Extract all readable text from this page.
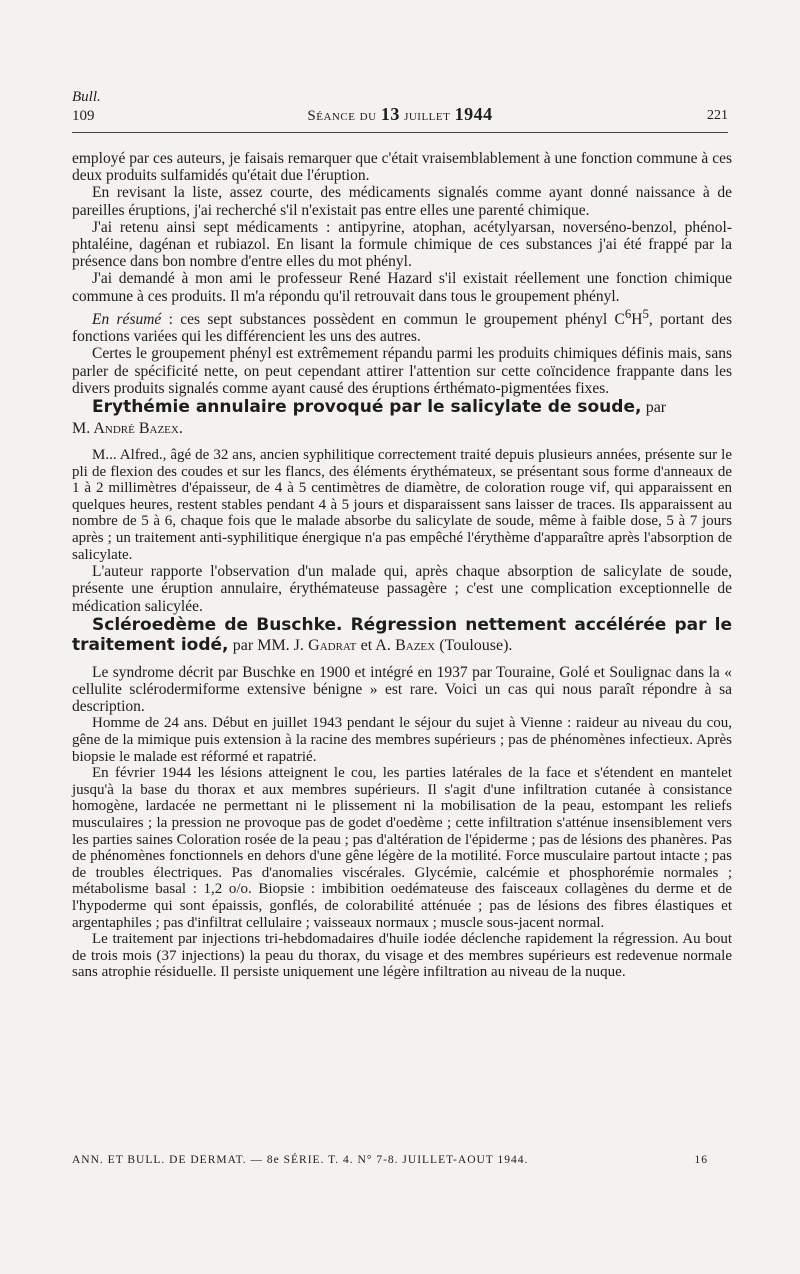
Bull.
109	Séance du 13 juillet 1944	221

employé par ces auteurs, je faisais remarquer que c'était vraisemblablement à une fonction commune à ces deux produits sulfamidés qu'était due l'éruption.

En revisant la liste, assez courte, des médicaments signalés comme ayant donné naissance à de pareilles éruptions, j'ai recherché s'il n'existait pas entre elles une parenté chimique.

J'ai retenu ainsi sept médicaments : antipyrine, atophan, acétylyarsan, noverséno-benzol, phénol-phtaléine, dagénan et rubiazol. En lisant la formule chimique de ces substances j'ai été frappé par la présence dans bon nombre d'entre elles du mot phényl.

J'ai demandé à mon ami le professeur René Hazard s'il existait réellement une fonction chimique commune à ces produits. Il m'a répondu qu'il retrouvait dans tous le groupement phényl.

En résumé : ces sept substances possèdent en commun le groupement phényl $C^6H^5$, portant des fonctions variées qui les différencient les uns des autres.

Certes le groupement phényl est extrêmement répandu parmi les produits chimiques définis mais, sans parler de spécificité nette, on peut cependant attirer l'attention sur cette coïncidence frappante dans les divers produits signalés comme ayant causé des éruptions érthémato-pigmentées fixes.

Erythémie annulaire provoqué par le salicylate de soude, par
M. André Bazex.

M... Alfred., âgé de 32 ans, ancien syphilitique correctement traité depuis plusieurs années, présente sur le pli de flexion des coudes et sur les flancs, des éléments érythémateux, se présentant sous forme d'anneaux de 1 à 2 millimètres d'épaisseur, de 4 à 5 centimètres de diamètre, de coloration rouge vif, qui apparaissent en quelques heures, restent stables pendant 4 à 5 jours et disparaissent sans laisser de traces. Ils apparaissent au nombre de 5 à 6, chaque fois que le malade absorbe du salicylate de soude, même à faible dose, 5 à 7 jours après ; un traitement anti-syphilitique énergique n'a pas empêché l'érythème d'apparaître après l'absorption de salicylate.

L'auteur rapporte l'observation d'un malade qui, après chaque absorption de salicylate de soude, présente une éruption annulaire, érythémateuse passagère ; c'est une complication exceptionnelle de médication salicylée.

Scléroedème de Buschke. Régression nettement accélérée par le traitement iodé, par MM. J. Gadrat et A. Bazex (Toulouse).

Le syndrome décrit par Buschke en 1900 et intégré en 1937 par Touraine, Golé et Soulignac dans la « cellulite sclérodermiforme extensive bénigne » est rare. Voici un cas qui nous paraît répondre à sa description.

Homme de 24 ans. Début en juillet 1943 pendant le séjour du sujet à Vienne : raideur au niveau du cou, gêne de la mimique puis extension à la racine des membres supérieurs ; pas de phénomènes infectieux. Après biopsie le malade est réformé et rapatrié.

En février 1944 les lésions atteignent le cou, les parties latérales de la face et s'étendent en mantelet jusqu'à la base du thorax et aux membres supérieurs. Il s'agit d'une infiltration cutanée à consistance homogène, lardacée ne permettant ni le plissement ni la mobilisation de la peau, estompant les reliefs musculaires ; la pression ne provoque pas de godet d'oedème ; cette infiltration s'atténue insensiblement vers les parties saines Coloration rosée de la peau ; pas d'altération de l'épiderme ; pas de lésions des phanères. Pas de phénomènes fonctionnels en dehors d'une gêne légère de la motilité. Force musculaire partout intacte ; pas de troubles électriques. Pas d'anomalies viscérales. Glycémie, calcémie et phosphorémie normales ; métabolisme basal : 1,2 o/o. Biopsie : imbibition oedémateuse des faisceaux collagènes du derme et de l'hypoderme qui sont épaissis, gonflés, de colorabilité atténuée ; pas de lésions des fibres élastiques et argentaphiles ; pas d'infiltrat cellulaire ; vaisseaux normaux ; muscle sous-jacent normal.

Le traitement par injections tri-hebdomadaires d'huile iodée déclenche rapidement la régression. Au bout de trois mois (37 injections) la peau du thorax, du visage et des membres supérieurs est redevenue normale sans atrophie résiduelle. Il persiste uniquement une légère infiltration au niveau de la nuque.

ANN. ET BULL. DE DERMAT. — 8e SÉRIE. T. 4. N° 7-8. JUILLET-AOUT 1944.	16
